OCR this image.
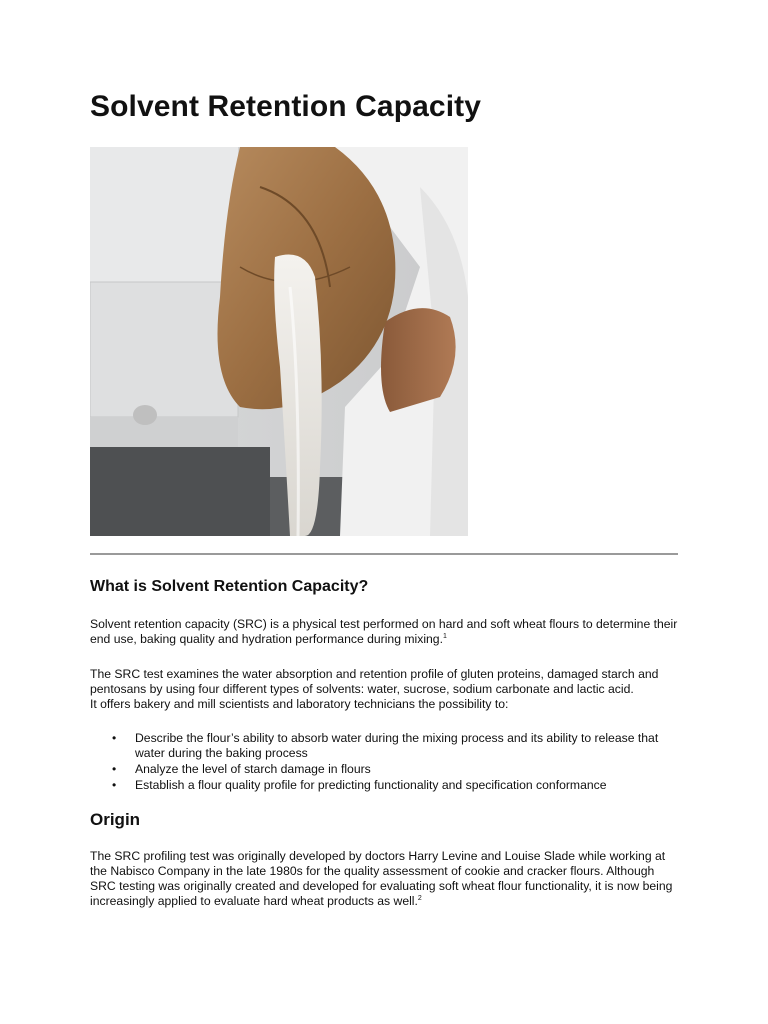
Solvent Retention Capacity
What is Solvent Retention Capacity?

Solvent retention capacity (SRC) is a physical test performed on hard and soft wheat flours to determine their end use, baking quality and hydration performance during mixing.$^1$

The SRC test examines the water absorption and retention profile of gluten proteins, damaged starch and pentosans by using four different types of solvents: water, sucrose, sodium carbonate and lactic acid.
It offers bakery and mill scientists and laboratory technicians the possibility to:

• Describe the flour’s ability to absorb water during the mixing process and its ability to release that water during the baking process
• Analyze the level of starch damage in flours
• Establish a flour quality profile for predicting functionality and specification conformance
Origin

The SRC profiling test was originally developed by doctors Harry Levine and Louise Slade while working at the Nabisco Company in the late 1980s for the quality assessment of cookie and cracker flours. Although SRC testing was originally created and developed for evaluating soft wheat flour functionality, it is now being increasingly applied to evaluate hard wheat products as well.$^2$
